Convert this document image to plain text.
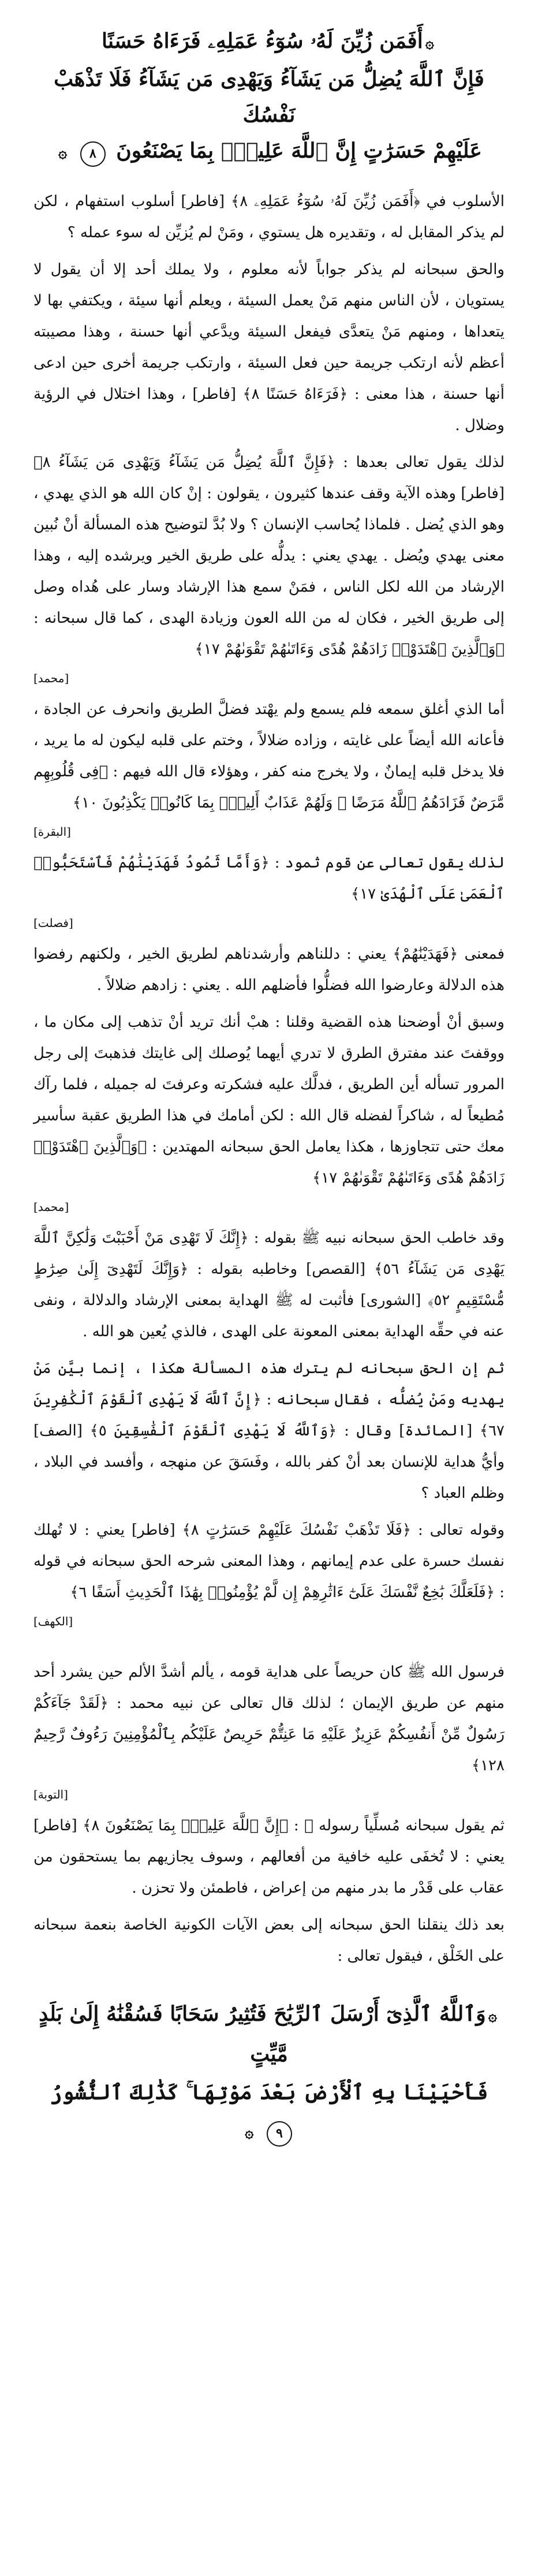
۞أَفَمَن زُيِّنَ لَهُۥ سُوٓءُ عَمَلِهِۦ فَرَءَاهُ حَسَنًا
فَإِنَّ ٱللَّهَ يُضِلُّ مَن يَشَآءُ وَيَهْدِى مَن يَشَآءُ فَلَا تَذْهَبْ نَفْسُكَ
عَلَيْهِمْ حَسَرَٰتٍ إِنَّ ٱللَّهَ عَلِيمٌۢ بِمَا يَصْنَعُونَ ٨ ۞

الأسلوب في ﴿أَفَمَن زُيِّنَ لَهُۥ سُوٓءُ عَمَلِهِۦ ٨﴾ [فاطر] أسلوب استفهام ، لكن لم يذكر المقابل له ، وتقديره هل يستوي ، ومَنْ لم يُزيِّن له سوء عمله ؟

والحق سبحانه لم يذكر جواباً لأنه معلوم ، ولا يملك أحد إلا أن يقول لا يستويان ، لأن الناس منهم مَنْ يعمل السيئة ، ويعلم أنها سيئة ، ويكتفي بها لا يتعداها ، ومنهم مَنْ يتعدَّى فيفعل السيئة ويدَّعي أنها حسنة ، وهذا مصيبته أعظم لأنه ارتكب جريمة حين فعل السيئة ، وارتكب جريمة أخرى حين ادعى أنها حسنة ، هذا معنى : ﴿فَرَءَاهُ حَسَنًا ٨﴾ [فاطر] ، وهذا اختلال في الرؤية وضلال .

لذلك يقول تعالى بعدها : ﴿فَإِنَّ ٱللَّهَ يُضِلُّ مَن يَشَآءُ وَيَهْدِى مَن يَشَآءُ ٨﴾ [فاطر] وهذه الآية وقف عندها كثيرون ، يقولون : إنْ كان الله هو الذي يهدي ، وهو الذي يُضل . فلماذا يُحاسب الإنسان ؟ ولا بُدَّ لتوضيح هذه المسألة أنْ نُبين معنى يهدي ويُضل . يهدي يعني : يدلُّه على طريق الخير ويرشده إليه ، وهذا الإرشاد من الله لكل الناس ، فمَنْ سمع هذا الإرشاد وسار على هُداه وصل إلى طريق الخير ، فكان له من الله العون وزيادة الهدى ، كما قال سبحانه : ﴿وَٱلَّذِينَ ٱهْتَدَوْا۟ زَادَهُمْ هُدًى وَءَاتَىٰهُمْ تَقْوَىٰهُمْ ١٧﴾

[محمد]

أما الذي أغلق سمعه فلم يسمع ولم يهْتد فضلَّ الطريق وانحرف عن الجادة ، فأعانه الله أيضاً على غايته ، وزاده ضلالاً ، وختم على قلبه ليكون له ما يريد ، فلا يدخل قلبه إيمانٌ ، ولا يخرج منه كفر ، وهؤلاء قال الله فيهم : ﴿فِى قُلُوبِهِم مَّرَضٌ فَزَادَهُمُ ٱللَّهُ مَرَضًا ۖ وَلَهُمْ عَذَابٌ أَلِيمٌۢ بِمَا كَانُوا۟ يَكْذِبُونَ ١٠﴾

[البقرة]

لذلك يقول تعالى عن قوم ثمود : ﴿وَأَمَّا ثَمُودُ فَهَدَيْنَٰهُمْ فَٱسْتَحَبُّوا۟ ٱلْعَمَىٰ عَلَى ٱلْهُدَىٰ ١٧﴾

[فصلت]

فمعنى ﴿فَهَدَيْنَٰهُمْ﴾ يعني : دللناهم وأرشدناهم لطريق الخير ، ولكنهم رفضوا هذه الدلالة وعارضوا الله فضلُّوا فأضلهم الله . يعني : زادهم ضلالاً .

وسبق أنْ أوضحنا هذه القضية وقلنا : هبْ أنك تريد أنْ تذهب إلى مكان ما ، ووقفتَ عند مفترق الطرق لا تدري أيهما يُوصلك إلى غايتك فذهبتَ إلى رجل المرور تسأله أين الطريق ، فدلَّك عليه فشكرته وعرفتَ له جميله ، فلما رآك مُطيعاً له ، شاكراً لفضله قال الله : لكن أمامك في هذا الطريق عقبة سأسير معك حتى تتجاوزها ، هكذا يعامل الحق سبحانه المهتدين : ﴿وَٱلَّذِينَ ٱهْتَدَوْا۟ زَادَهُمْ هُدًى وَءَاتَىٰهُمْ تَقْوَىٰهُمْ ١٧﴾

[محمد]

وقد خاطب الحق سبحانه نبيه ﷺ بقوله : ﴿إِنَّكَ لَا تَهْدِى مَنْ أَحْبَبْتَ وَلَٰكِنَّ ٱللَّهَ يَهْدِى مَن يَشَآءُ ٥٦﴾ [القصص] وخاطبه بقوله : ﴿وَإِنَّكَ لَتَهْدِىٓ إِلَىٰ صِرَٰطٍ مُّسْتَقِيمٍ ٥٢﴾ [الشورى] فأثبت له ﷺ الهداية بمعنى الإرشاد والدلالة ، ونفى عنه في حقِّه الهداية بمعنى المعونة على الهدى ، فالذي يُعين هو الله .

ثم إن الحق سبحانه لم يترك هذه المسألة هكذا ، إنما بيَّن مَنْ يهديه ومَنْ يُضلُّه ، فقال سبحانه : ﴿إِنَّ ٱللَّهَ لَا يَهْدِى ٱلْقَوْمَ ٱلْكَٰفِرِينَ ٦٧﴾ [المائدة] وقال : ﴿وَٱللَّهُ لَا يَهْدِى ٱلْقَوْمَ ٱلْفَٰسِقِينَ ٥﴾ [الصف] وأيُّ هداية للإنسان بعد أنْ كفر بالله ، وفَسَقَ عن منهجه ، وأفسد في البلاد ، وظلم العباد ؟

وقوله تعالى : ﴿فَلَا تَذْهَبْ نَفْسُكَ عَلَيْهِمْ حَسَرَٰتٍ ٨﴾ [فاطر] يعني : لا تُهلك نفسك حسرة على عدم إيمانهم ، وهذا المعنى شرحه الحق سبحانه في قوله : ﴿فَلَعَلَّكَ بَٰخِعٌ نَّفْسَكَ عَلَىٰٓ ءَاثَٰرِهِمْ إِن لَّمْ يُؤْمِنُوا۟ بِهَٰذَا ٱلْحَدِيثِ أَسَفًا ٦﴾

[الكهف]

فرسول الله ﷺ كان حريصاً على هداية قومه ، يألم أشدَّ الألم حين يشرد أحد منهم عن طريق الإيمان ؛ لذلك قال تعالى عن نبيه محمد : ﴿لَقَدْ جَآءَكُمْ رَسُولٌ مِّنْ أَنفُسِكُمْ عَزِيزٌ عَلَيْهِ مَا عَنِتُّمْ حَرِيصٌ عَلَيْكُم بِٱلْمُؤْمِنِينَ رَءُوفٌ رَّحِيمٌ ١٢٨﴾

[التوبة]

ثم يقول سبحانه مُسلِّياً رسوله ﷺ : ﴿إِنَّ ٱللَّهَ عَلِيمٌۢ بِمَا يَصْنَعُونَ ٨﴾ [فاطر] يعني : لا تُخفَى عليه خافية من أفعالهم ، وسوف يجازيهم بما يستحقون من عقاب على قَدْر ما بدر منهم من إعراض ، فاطمئن ولا تحزن .

بعد ذلك ينقلنا الحق سبحانه إلى بعض الآيات الكونية الخاصة بنعمة سبحانه على الخَلْق ، فيقول تعالى :

۞وَٱللَّهُ ٱلَّذِىٓ أَرْسَلَ ٱلرِّيَٰحَ فَتُثِيرُ سَحَابًا فَسُقْنَٰهُ إِلَىٰ بَلَدٍ مَّيِّتٍ
فَأَحْيَيْنَا بِهِ ٱلْأَرْضَ بَعْدَ مَوْتِهَا ۚ كَذَٰلِكَ ٱلنُّشُورُ ٩ ۞
